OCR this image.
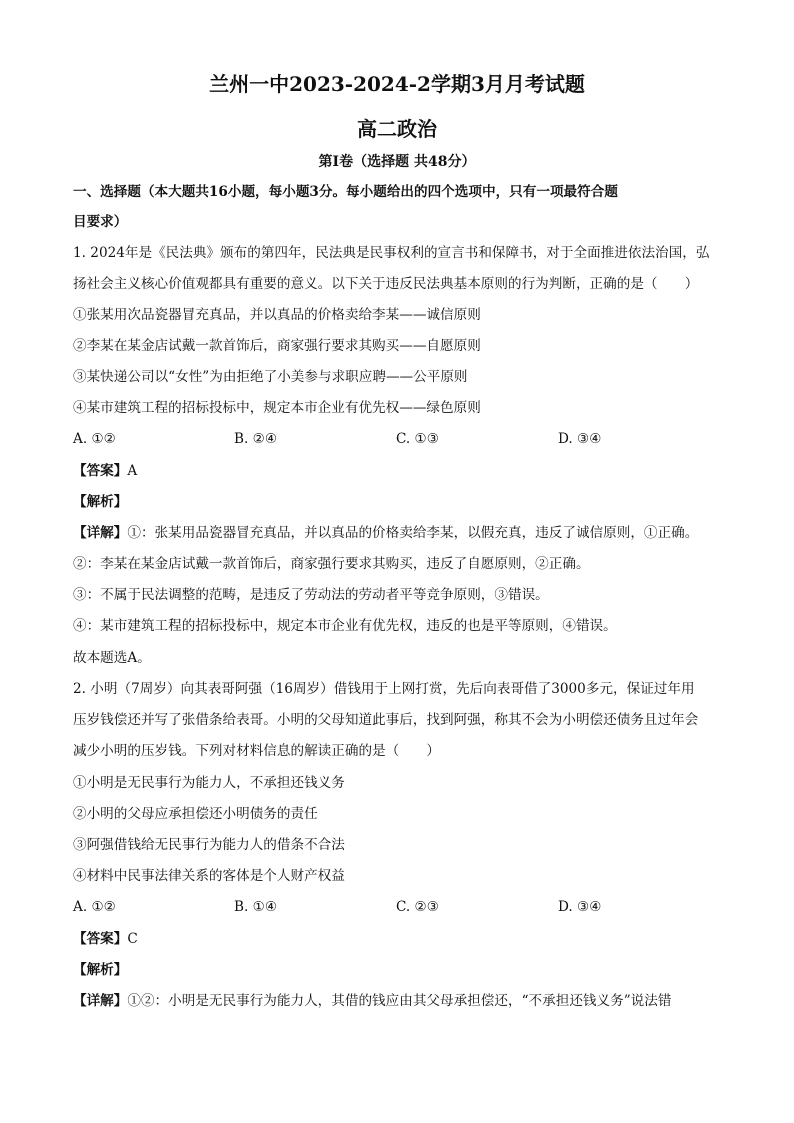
兰州一中2023-2024-2学期3月月考试题
高二政治
第Ⅰ卷（选择题 共48分）
一、选择题（本大题共16小题，每小题3分。每小题给出的四个选项中，只有一项最符合题
目要求）
1. 2024年是《民法典》颁布的第四年，民法典是民事权利的宣言书和保障书，对于全面推进依法治国，弘
扬社会主义核心价值观都具有重要的意义。以下关于违反民法典基本原则的行为判断，正确的是（　　）
①张某用次品瓷器冒充真品，并以真品的价格卖给李某——诚信原则
②李某在某金店试戴一款首饰后，商家强行要求其购买——自愿原则
③某快递公司以“女性”为由拒绝了小美参与求职应聘——公平原则
④某市建筑工程的招标投标中，规定本市企业有优先权——绿色原则
A. ①②	B. ②④	C. ①③	D. ③④
【答案】A
【解析】
【详解】①：张某用品瓷器冒充真品，并以真品的价格卖给李某，以假充真，违反了诚信原则，①正确。
②：李某在某金店试戴一款首饰后，商家强行要求其购买，违反了自愿原则，②正确。
③：不属于民法调整的范畴，是违反了劳动法的劳动者平等竞争原则，③错误。
④：某市建筑工程的招标投标中，规定本市企业有优先权，违反的也是平等原则，④错误。
故本题选A。
2. 小明（7周岁）向其表哥阿强（16周岁）借钱用于上网打赏，先后向表哥借了3000多元，保证过年用
压岁钱偿还并写了张借条给表哥。小明的父母知道此事后，找到阿强，称其不会为小明偿还债务且过年会
减少小明的压岁钱。下列对材料信息的解读正确的是（　　）
①小明是无民事行为能力人，不承担还钱义务
②小明的父母应承担偿还小明债务的责任
③阿强借钱给无民事行为能力人的借条不合法
④材料中民事法律关系的客体是个人财产权益
A. ①②	B. ①④	C. ②③	D. ③④
【答案】C
【解析】
【详解】①②：小明是无民事行为能力人，其借的钱应由其父母承担偿还，“不承担还钱义务”说法错
